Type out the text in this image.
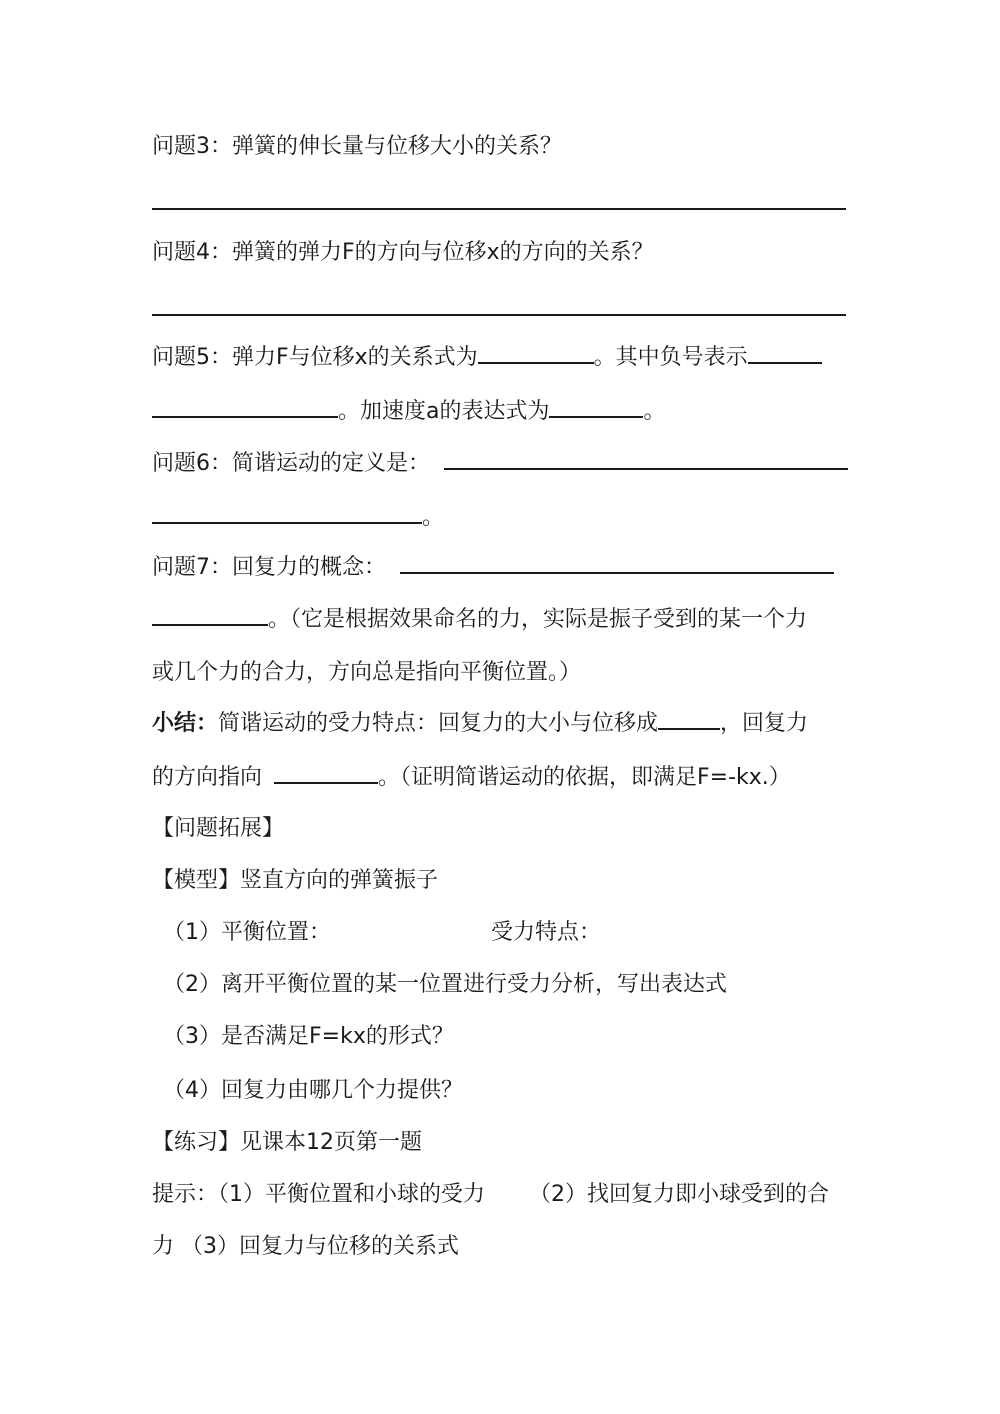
问题3：弹簧的伸长量与位移大小的关系？
问题4：弹簧的弹力F的方向与位移x的方向的关系？
问题5：弹力F与位移x的关系式为	。其中负号表示
。加速度a的表达式为	。
问题6：简谐运动的定义是：
。
问题7：回复力的概念：
。（它是根据效果命名的力，实际是振子受到的某一个力
或几个力的合力，方向总是指向平衡位置。）
小结：简谐运动的受力特点：回复力的大小与位移成	，回复力
的方向指向	。（证明简谐运动的依据，即满足F=-kx.）
【问题拓展】
【模型】竖直方向的弹簧振子
（1）平衡位置：	受力特点：
（2）离开平衡位置的某一位置进行受力分析，写出表达式
（3）是否满足F=kx的形式？
（4）回复力由哪几个力提供？
【练习】见课本12页第一题
提示：（1）平衡位置和小球的受力 （2）找回复力即小球受到的合
力 （3）回复力与位移的关系式
